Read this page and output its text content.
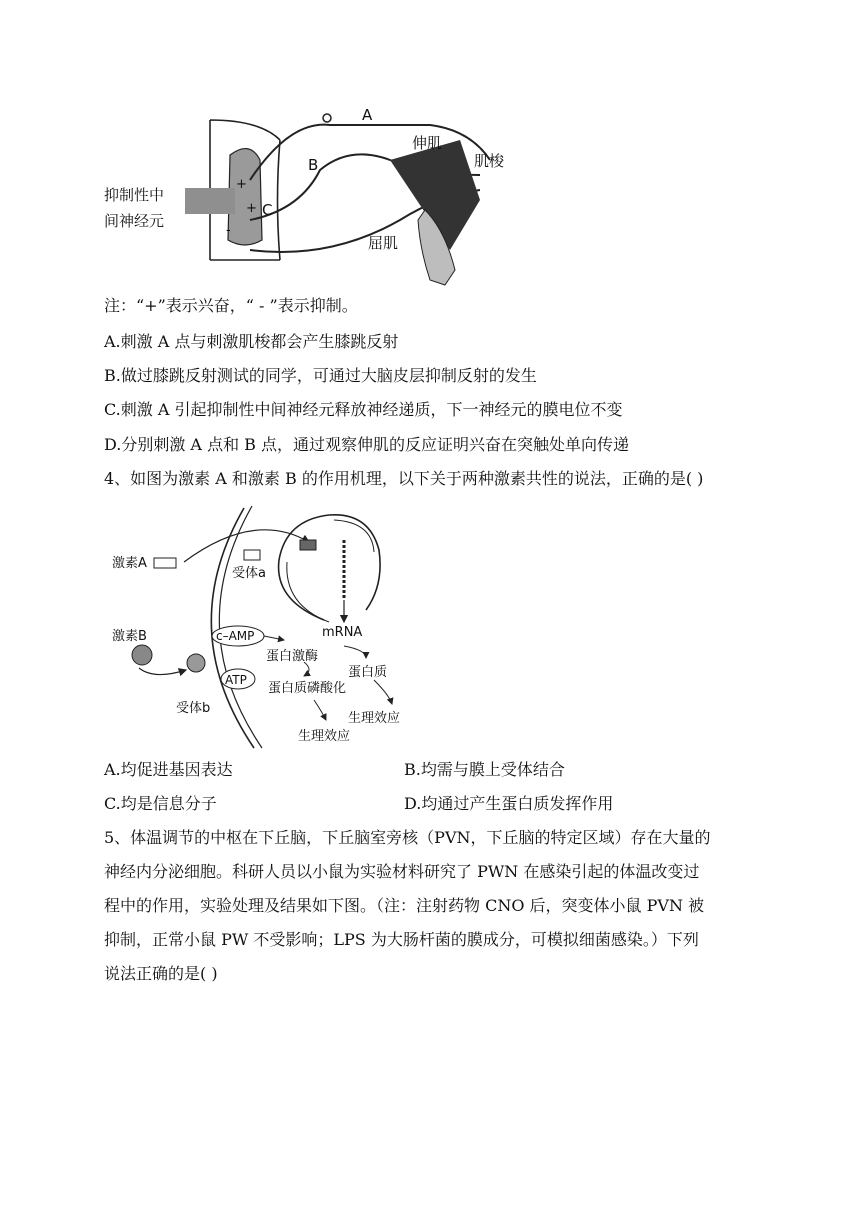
A
B
C
伸肌
肌梭
屈肌
抑制性中
间神经元
+
+
-
注：“+”表示兴奋，“ - ”表示抑制。
A.刺激 A 点与刺激肌梭都会产生膝跳反射
B.做过膝跳反射测试的同学，可通过大脑皮层抑制反射的发生
C.刺激 A 引起抑制性中间神经元释放神经递质，下一神经元的膜电位不变
D.分别刺激 A 点和 B 点，通过观察伸肌的反应证明兴奋在突触处单向传递
4、如图为激素 A 和激素 B 的作用机理，以下关于两种激素共性的说法，正确的是( )
激素A
受体a
mRNA
激素B	c–AMP
蛋白激酶
蛋白质
ATP
蛋白质磷酸化
受体b
生理效应
生理效应
A.均促进基因表达	B.均需与膜上受体结合
C.均是信息分子	D.均通过产生蛋白质发挥作用
5、体温调节的中枢在下丘脑，下丘脑室旁核（PVN，下丘脑的特定区域）存在大量的
神经内分泌细胞。科研人员以小鼠为实验材料研究了 PWN 在感染引起的体温改变过
程中的作用，实验处理及结果如下图。（注：注射药物 CNO 后，突变体小鼠 PVN 被
抑制，正常小鼠 PW 不受影响；LPS 为大肠杆菌的膜成分，可模拟细菌感染。）下列
说法正确的是( )
